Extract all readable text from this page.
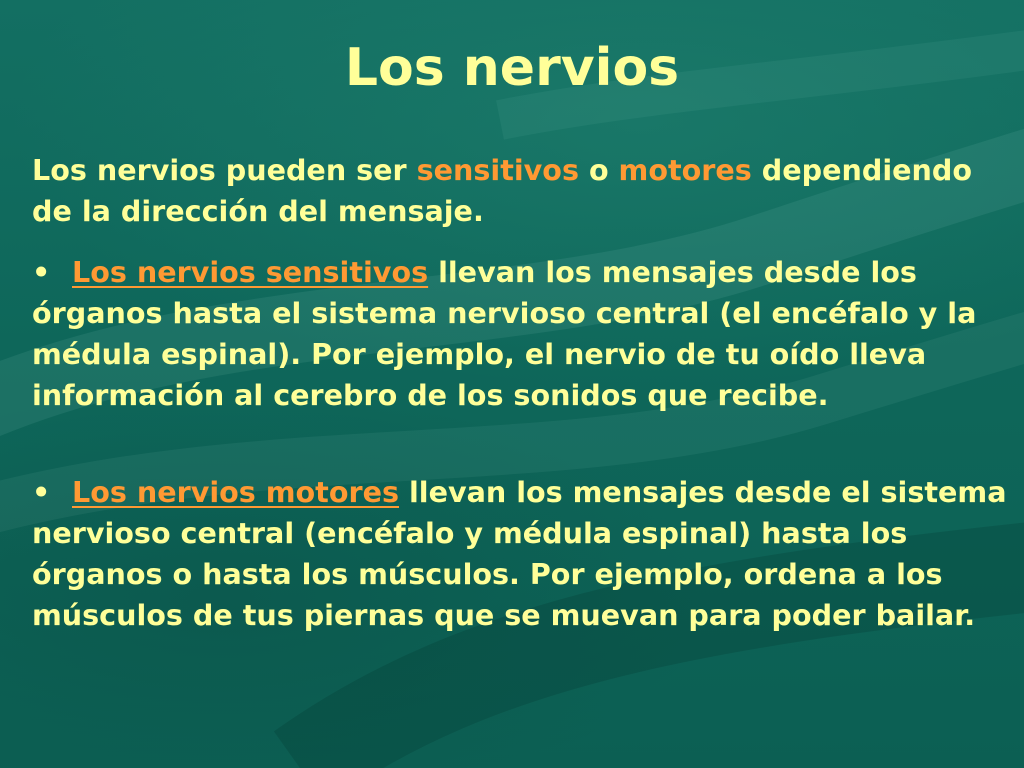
Los nervios

Los nervios pueden ser sensitivos o motores dependiendo de la dirección del mensaje.

• Los nervios sensitivos llevan los mensajes desde los órganos hasta el sistema nervioso central (el encéfalo y la médula espinal). Por ejemplo, el nervio de tu oído lleva información al cerebro de los sonidos que recibe.

• Los nervios motores llevan los mensajes desde el sistema nervioso central (encéfalo y médula espinal) hasta los órganos o hasta los músculos. Por ejemplo, ordena a los músculos de tus piernas que se muevan para poder bailar.
